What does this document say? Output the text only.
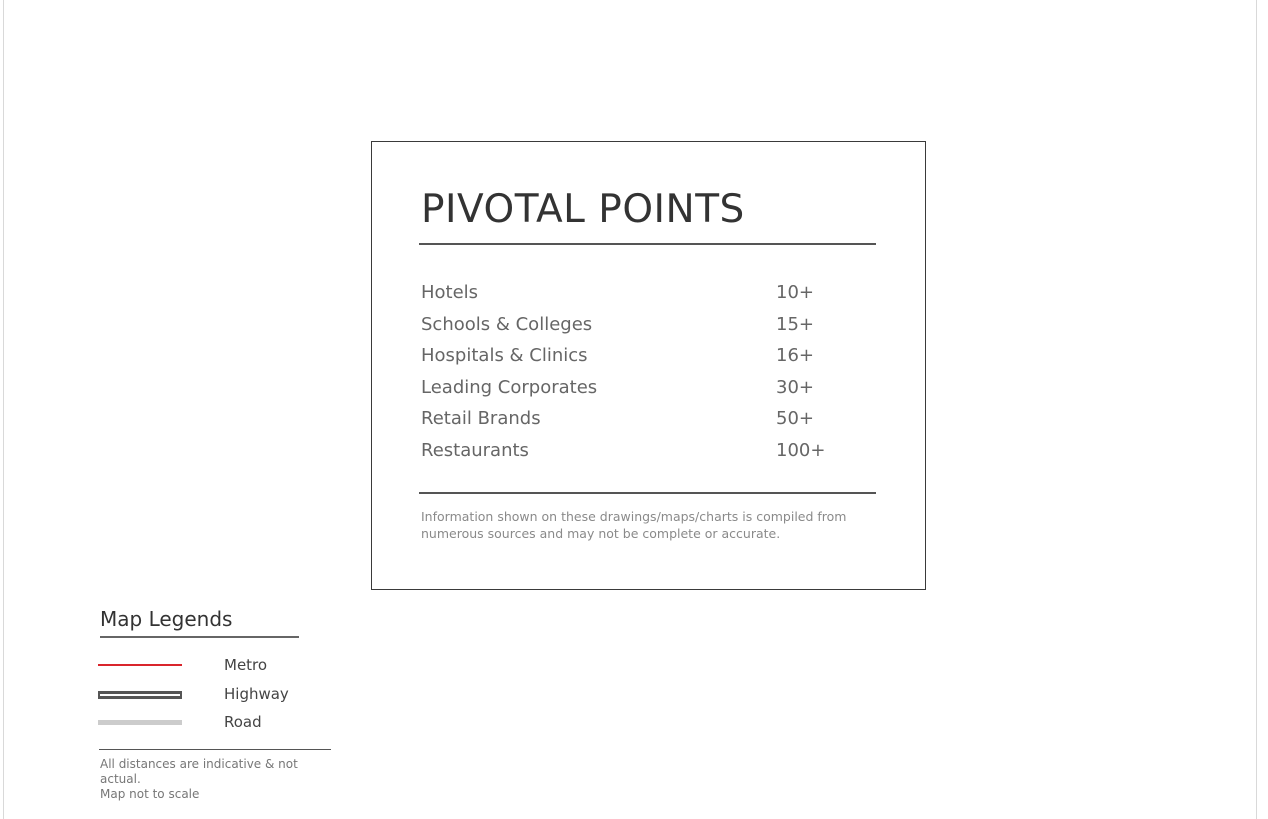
PIVOTAL POINTS
Hotels	10+
Schools & Colleges	15+
Hospitals & Clinics	16+
Leading Corporates	30+
Retail Brands	50+
Restaurants	100+

Information shown on these drawings/maps/charts is compiled from numerous sources and may not be complete or accurate.

Map Legends
Metro
Highway
Road

All distances are indicative & not actual.
Map not to scale
